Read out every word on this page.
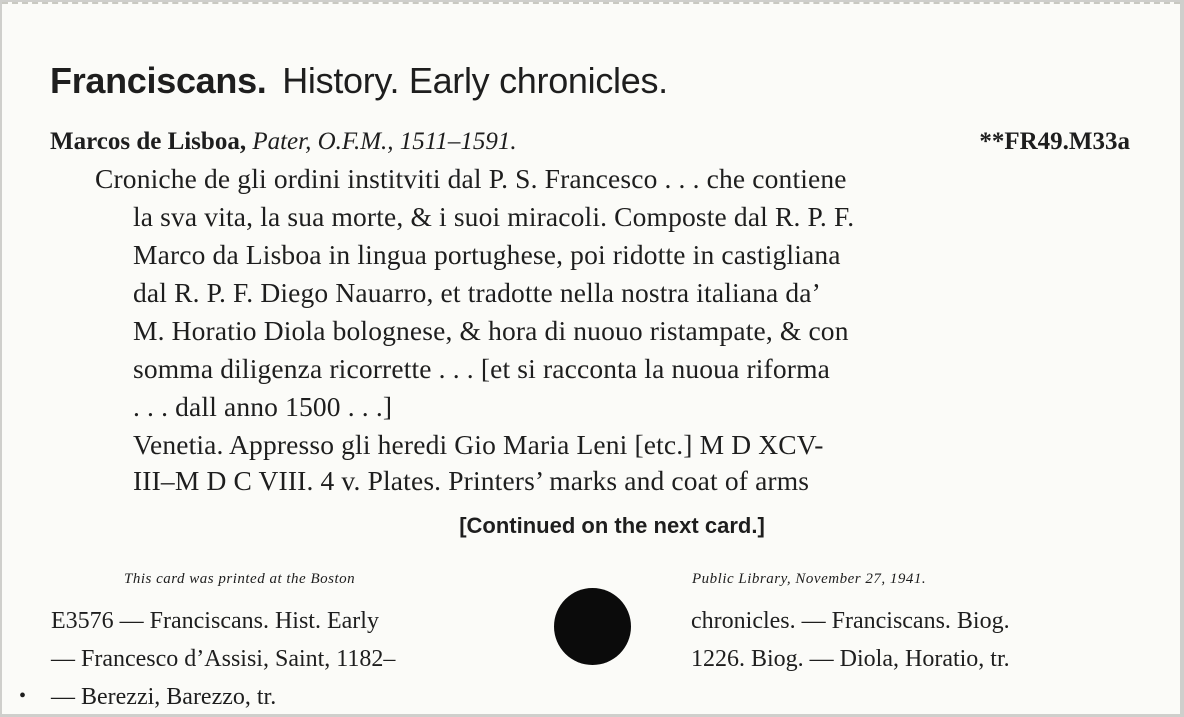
Franciscans. History. Early chronicles.
Marcos de Lisboa, Pater, O.F.M., 1511–1591.	**FR49.M33a
Croniche de gli ordini institviti dal P. S. Francesco . . . che contiene
la sva vita, la sua morte, & i suoi miracoli. Composte dal R. P. F.
Marco da Lisboa in lingua portughese, poi ridotte in castigliana
dal R. P. F. Diego Nauarro, et tradotte nella nostra italiana da’
M. Horatio Diola bolognese, & hora di nuouo ristampate, & con
somma diligenza ricorrette . . . [et si racconta la nuoua riforma
. . . dall anno 1500 . . .]
Venetia. Appresso gli heredi Gio Maria Leni [etc.] M D XCV-
III–M D C VIII. 4 v. Plates. Printers’ marks and coat of arms
[Continued on the next card.]
This card was printed at the Boston	Public Library, November 27, 1941.
E3576 — Franciscans. Hist. Early
— Francesco d’Assisi, Saint, 1182–
— Berezzi, Barezzo, tr.
chronicles. — Franciscans. Biog.
1226. Biog. — Diola, Horatio, tr.
•
